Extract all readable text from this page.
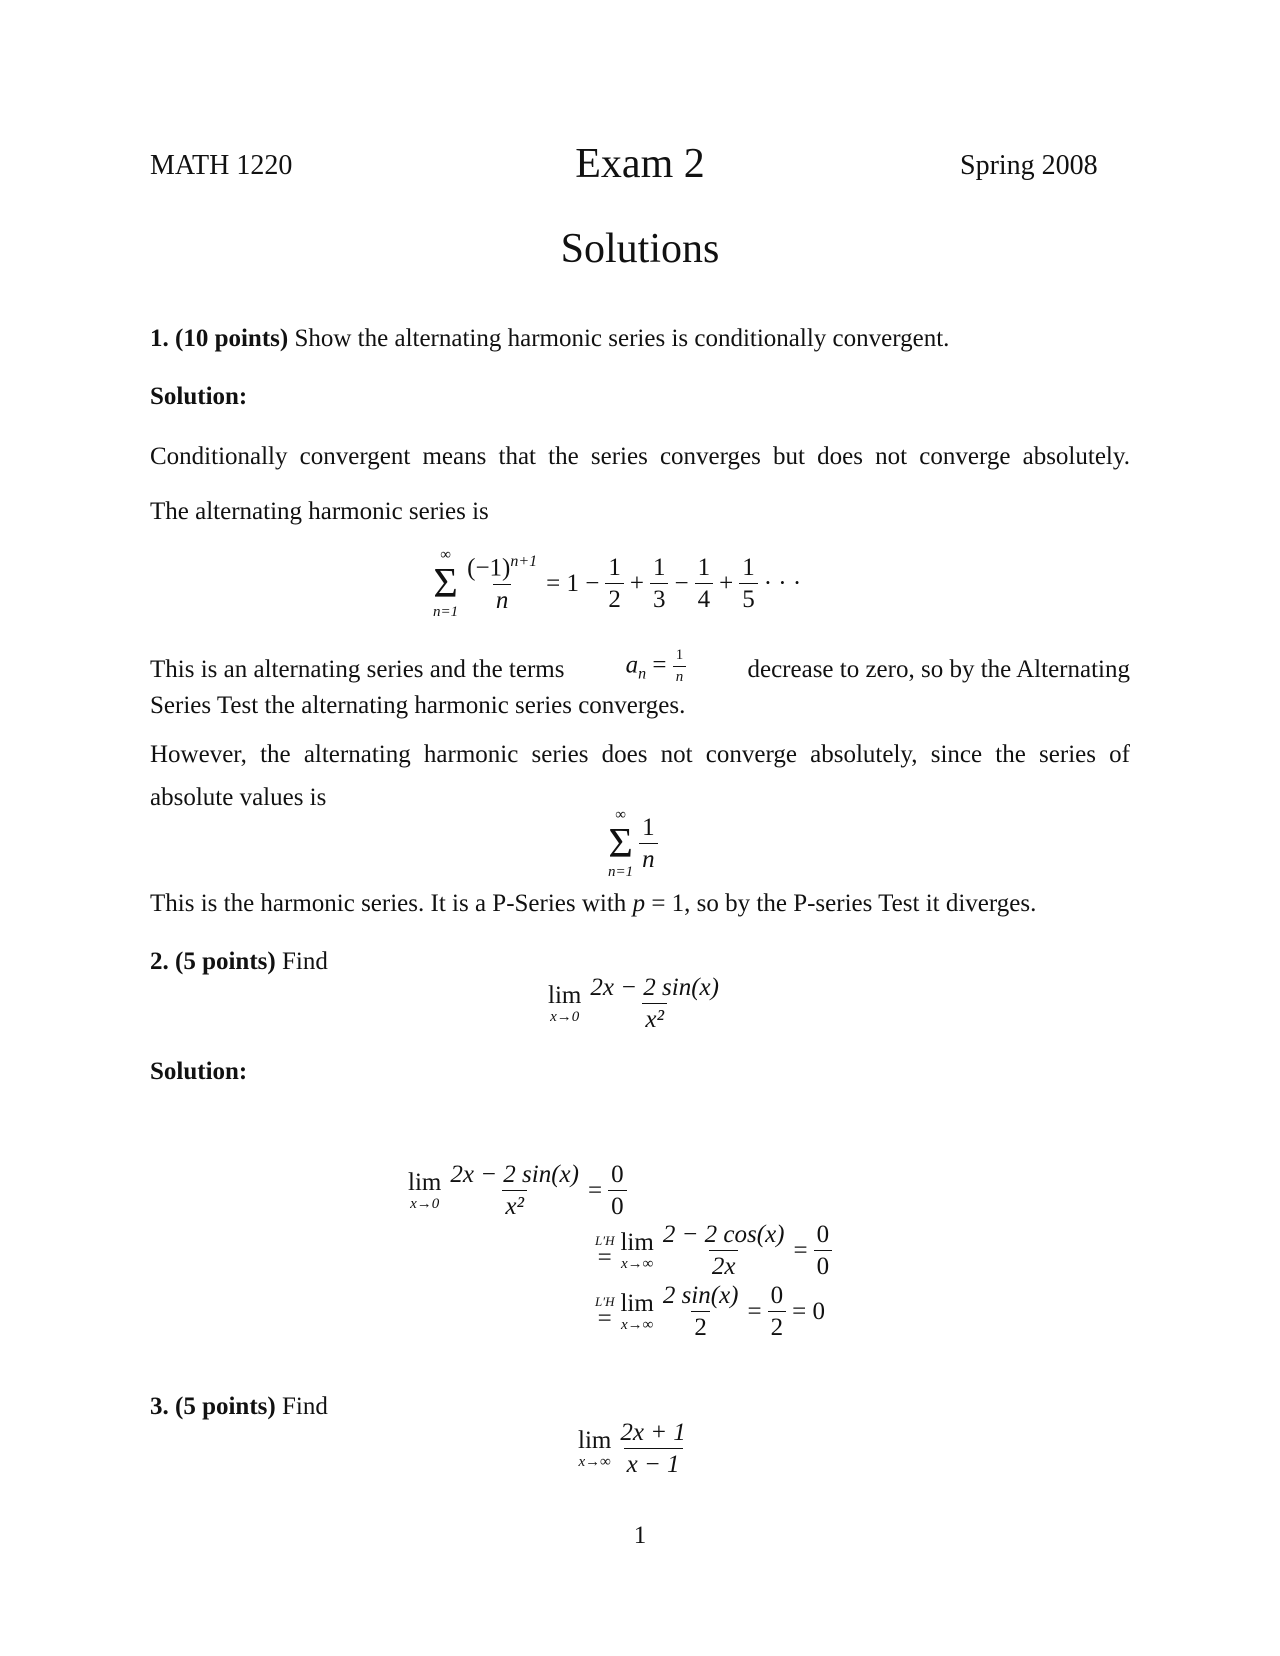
MATH 1220	Exam 2	Spring 2008
Solutions
1. (10 points) Show the alternating harmonic series is conditionally convergent.
Solution:
Conditionally convergent means that the series converges but does not converge absolutely.
The alternating harmonic series is
∞
Σ
$n=1 \frac{(-1)^{n+1}}{n} = 1 - \frac{1}{2} + \frac{1}{3} - \frac{1}{4} + \frac{1}{5}$ · · ·
This is an alternating series and the terms $a_n = \frac{1}{n}$ decrease to zero, so by the Alternating
Series Test the alternating harmonic series converges.
However, the alternating harmonic series does not converge absolutely, since the series of
absolute values is
∞
Σ
$n=1 \frac{1}{n}$
This is the harmonic series. It is a P-Series with p = 1, so by the P-series Test it diverges.
2. (5 points) Find
lim
$x\to 0 \frac{2x - 2 \sin(x)}{\text{x²}}$
Solution:
lim
$x\to 0 \frac{2x - 2 \sin(x)}{\text{x²}} = \frac{0}{0}$
L′H
=
lim
$x\to\infty \frac{2 - 2 \cos(x)}{2x} = \frac{0}{0}$
L′H
=
lim
$x\to\infty \frac{2 \sin(x)}{2} = \frac{0}{2} = 0$
3. (5 points) Find
lim
$x\to\infty \frac{2x + 1}{x - 1}$
1
